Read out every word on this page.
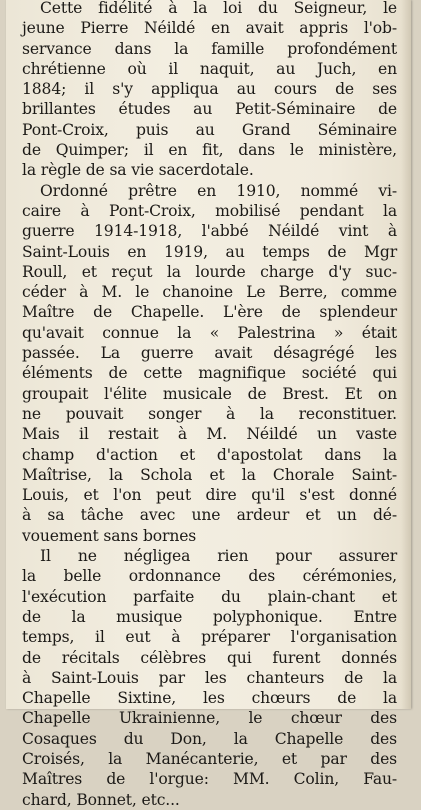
Cette fidélité à la loi du Seigneur, le
jeune Pierre Néildé en avait appris l'ob-
servance dans la famille profondément
chrétienne où il naquit, au Juch, en
1884; il s'y appliqua au cours de ses
brillantes études au Petit-Séminaire de
Pont-Croix, puis au Grand Séminaire
de Quimper; il en fit, dans le ministère,
la règle de sa vie sacerdotale.
Ordonné prêtre en 1910, nommé vi-
caire à Pont-Croix, mobilisé pendant la
guerre 1914-1918, l'abbé Néildé vint à
Saint-Louis en 1919, au temps de Mgr
Roull, et reçut la lourde charge d'y suc-
céder à M. le chanoine Le Berre, comme
Maître de Chapelle. L'ère de splendeur
qu'avait connue la « Palestrina » était
passée. La guerre avait désagrégé les
éléments de cette magnifique société qui
groupait l'élite musicale de Brest. Et on
ne pouvait songer à la reconstituer.
Mais il restait à M. Néildé un vaste
champ d'action et d'apostolat dans la
Maîtrise, la Schola et la Chorale Saint-
Louis, et l'on peut dire qu'il s'est donné
à sa tâche avec une ardeur et un dé-
vouement sans bornes
Il ne négligea rien pour assurer
la belle ordonnance des cérémonies,
l'exécution parfaite du plain-chant et
de la musique polyphonique. Entre
temps, il eut à préparer l'organisation
de récitals célèbres qui furent donnés
à Saint-Louis par les chanteurs de la
Chapelle Sixtine, les chœurs de la
Chapelle Ukrainienne, le chœur des
Cosaques du Don, la Chapelle des
Croisés, la Manécanterie, et par des
Maîtres de l'orgue: MM. Colin, Fau-
chard, Bonnet, etc...
